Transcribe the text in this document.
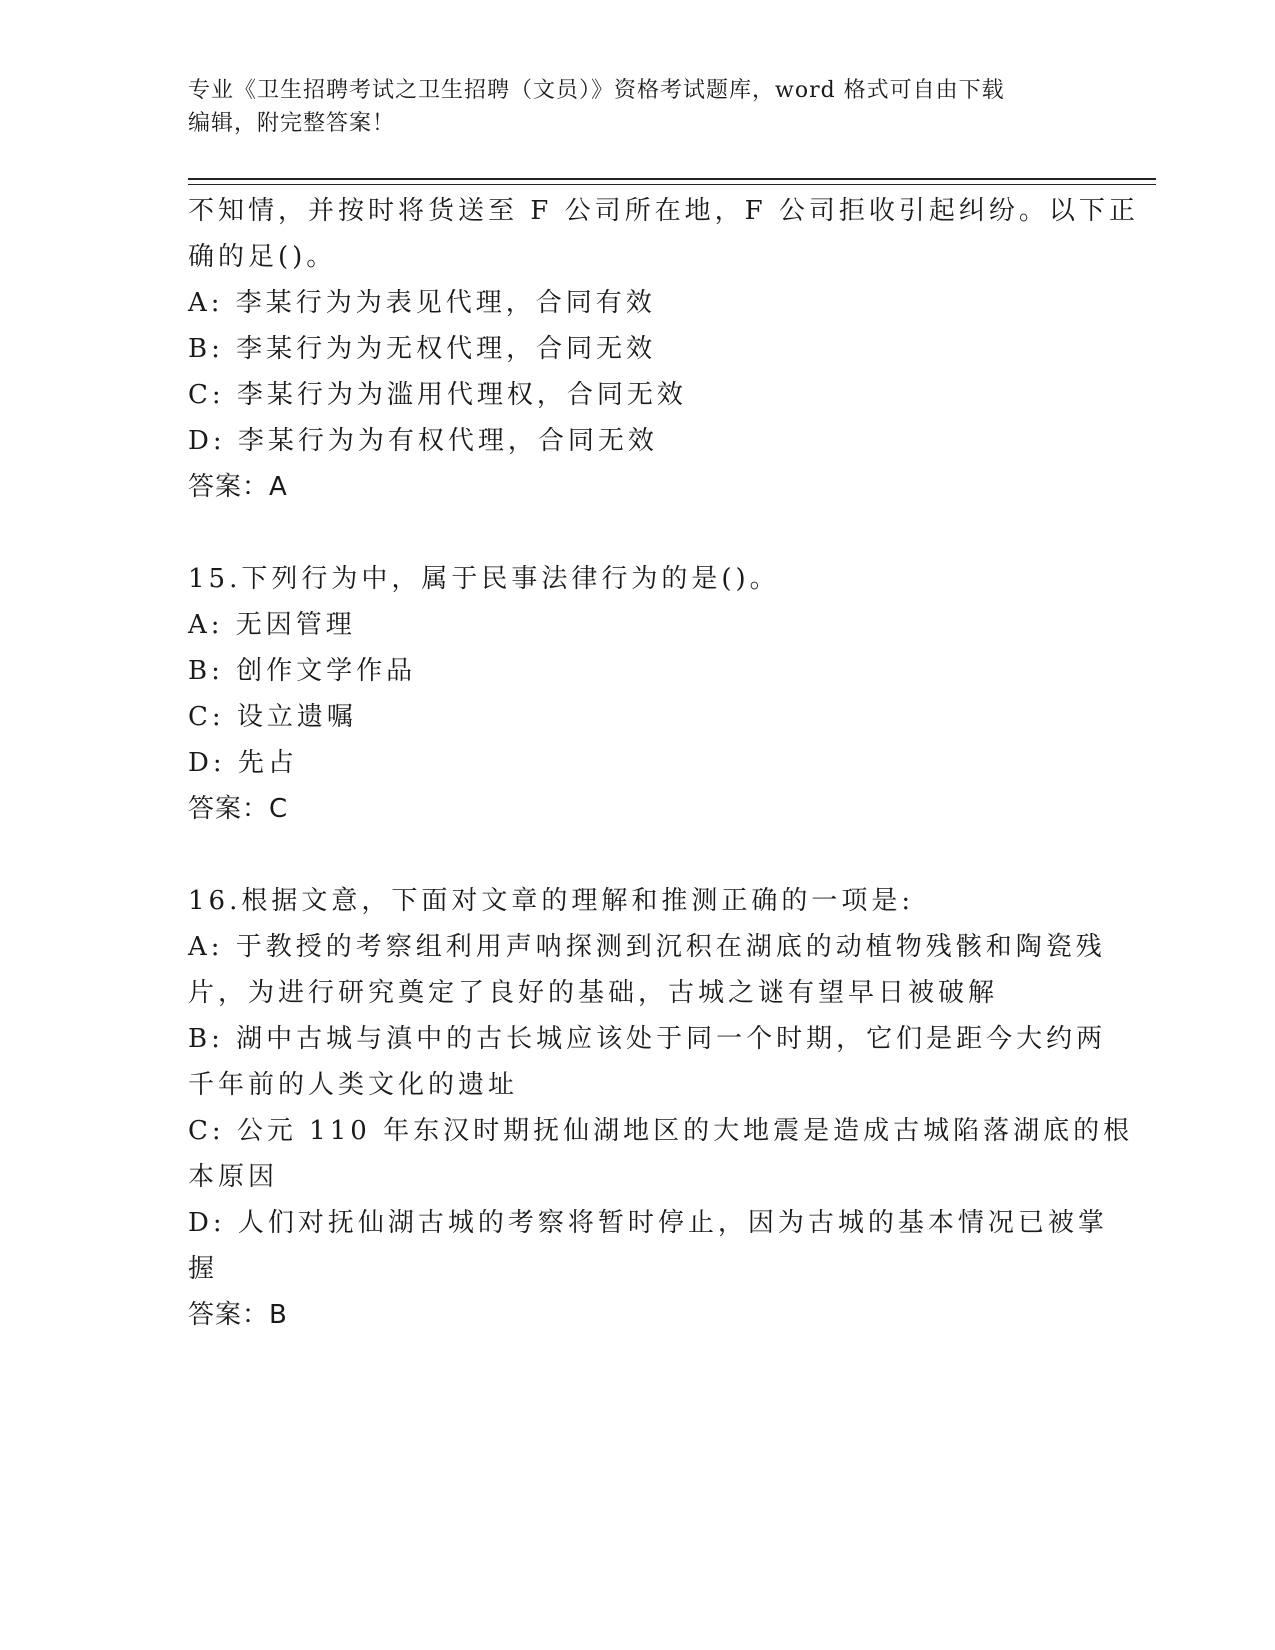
专业《卫生招聘考试之卫生招聘（文员）》资格考试题库，word 格式可自由下载
编辑，附完整答案！
不知情，并按时将货送至 F 公司所在地，F 公司拒收引起纠纷。以下正
确的足()。
A: 李某行为为表见代理，合同有效
B: 李某行为为无权代理，合同无效
C: 李某行为为滥用代理权，合同无效
D: 李某行为为有权代理，合同无效
答案：A
15.下列行为中，属于民事法律行为的是()。
A: 无因管理
B: 创作文学作品
C: 设立遗嘱
D: 先占
答案：C
16.根据文意，下面对文章的理解和推测正确的一项是:
A: 于教授的考察组利用声呐探测到沉积在湖底的动植物残骸和陶瓷残
片，为进行研究奠定了良好的基础，古城之谜有望早日被破解
B: 湖中古城与滇中的古长城应该处于同一个时期，它们是距今大约两
千年前的人类文化的遗址
C: 公元 110 年东汉时期抚仙湖地区的大地震是造成古城陷落湖底的根
本原因
D: 人们对抚仙湖古城的考察将暂时停止，因为古城的基本情况已被掌
握
答案：B
